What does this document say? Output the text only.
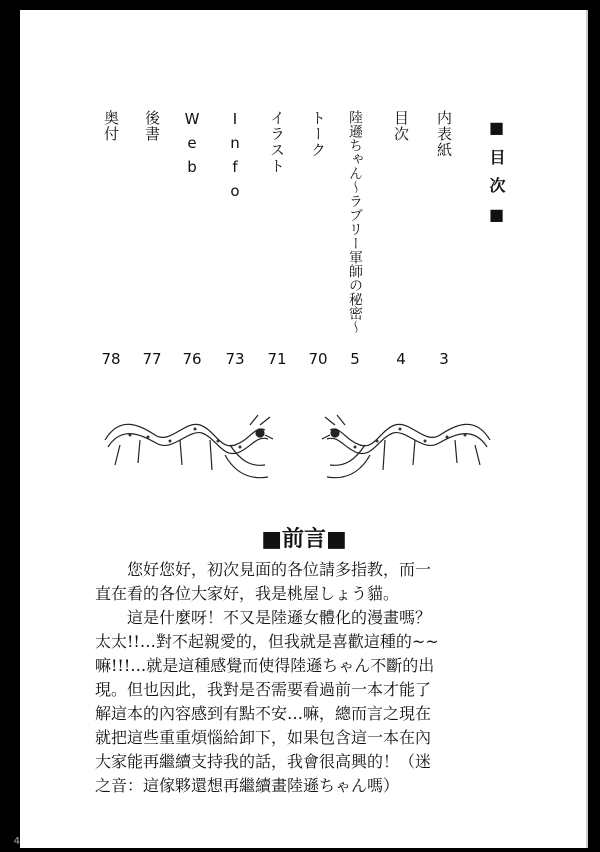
■目次■
内表紙
3
目次
4
陸遜ちゃん〜ラブリー軍師の秘密〜
5
トーク
70
イラスト
71
Info
73
Web
76
後書
77
奥付
78
■前言■

　　您好您好，初次見面的各位請多指教，而一

直在看的各位大家好，我是桃屋しょう貓。

　　這是什麼呀！不又是陸遜女體化的漫畫嗎？

太太!!…對不起親愛的，但我就是喜歡這種的~~

嘛!!!…就是這種感覺而使得陸遜ちゃん不斷的出

現。但也因此，我對是否需要看過前一本才能了

解這本的內容感到有點不安…嘛，總而言之現在

就把這些重重煩惱給卸下，如果包含這一本在內

大家能再繼續支持我的話，我會很高興的！（迷

之音：這傢夥還想再繼續畫陸遜ちゃん嗎）

sex1l.com
4
